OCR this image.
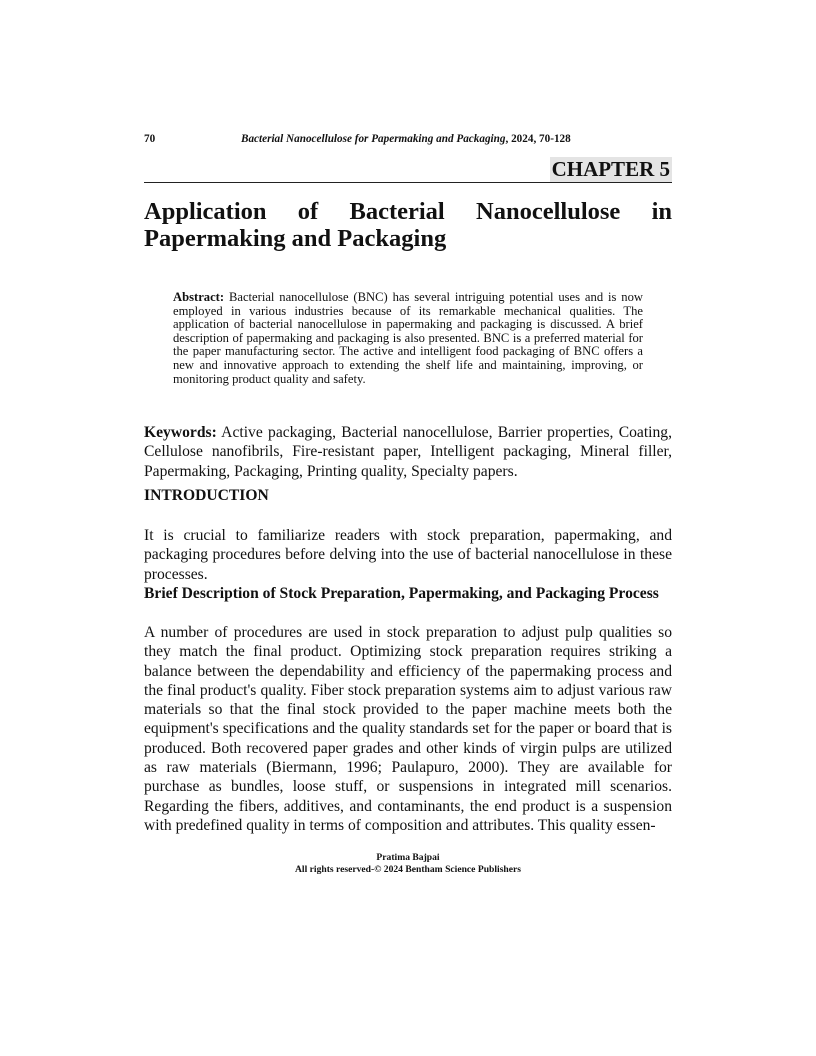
70	Bacterial Nanocellulose for Papermaking and Packaging, 2024, 70-128
CHAPTER 5
Application of Bacterial Nanocellulose in
Papermaking and Packaging
Abstract: Bacterial nanocellulose (BNC) has several intriguing potential uses and is now employed in various industries because of its remarkable mechanical qualities. The application of bacterial nanocellulose in papermaking and packaging is discussed. A brief description of papermaking and packaging is also presented. BNC is a preferred material for the paper manufacturing sector. The active and intelligent food packaging of BNC offers a new and innovative approach to extending the shelf life and maintaining, improving, or monitoring product quality and safety.
Keywords: Active packaging, Bacterial nanocellulose, Barrier properties, Coating, Cellulose nanofibrils, Fire-resistant paper, Intelligent packaging, Mineral filler, Papermaking, Packaging, Printing quality, Specialty papers.
INTRODUCTION
It is crucial to familiarize readers with stock preparation, papermaking, and packaging procedures before delving into the use of bacterial nanocellulose in these processes.
Brief Description of Stock Preparation, Papermaking, and Packaging Process
A number of procedures are used in stock preparation to adjust pulp qualities so they match the final product. Optimizing stock preparation requires striking a balance between the dependability and efficiency of the papermaking process and the final product's quality. Fiber stock preparation systems aim to adjust various raw materials so that the final stock provided to the paper machine meets both the equipment's specifications and the quality standards set for the paper or board that is produced. Both recovered paper grades and other kinds of virgin pulps are utilized as raw materials (Biermann, 1996; Paulapuro, 2000). They are available for purchase as bundles, loose stuff, or suspensions in integrated mill scenarios. Regarding the fibers, additives, and contaminants, the end product is a suspension with predefined quality in terms of composition and attributes. This quality essen-
Pratima Bajpai
All rights reserved-© 2024 Bentham Science Publishers
